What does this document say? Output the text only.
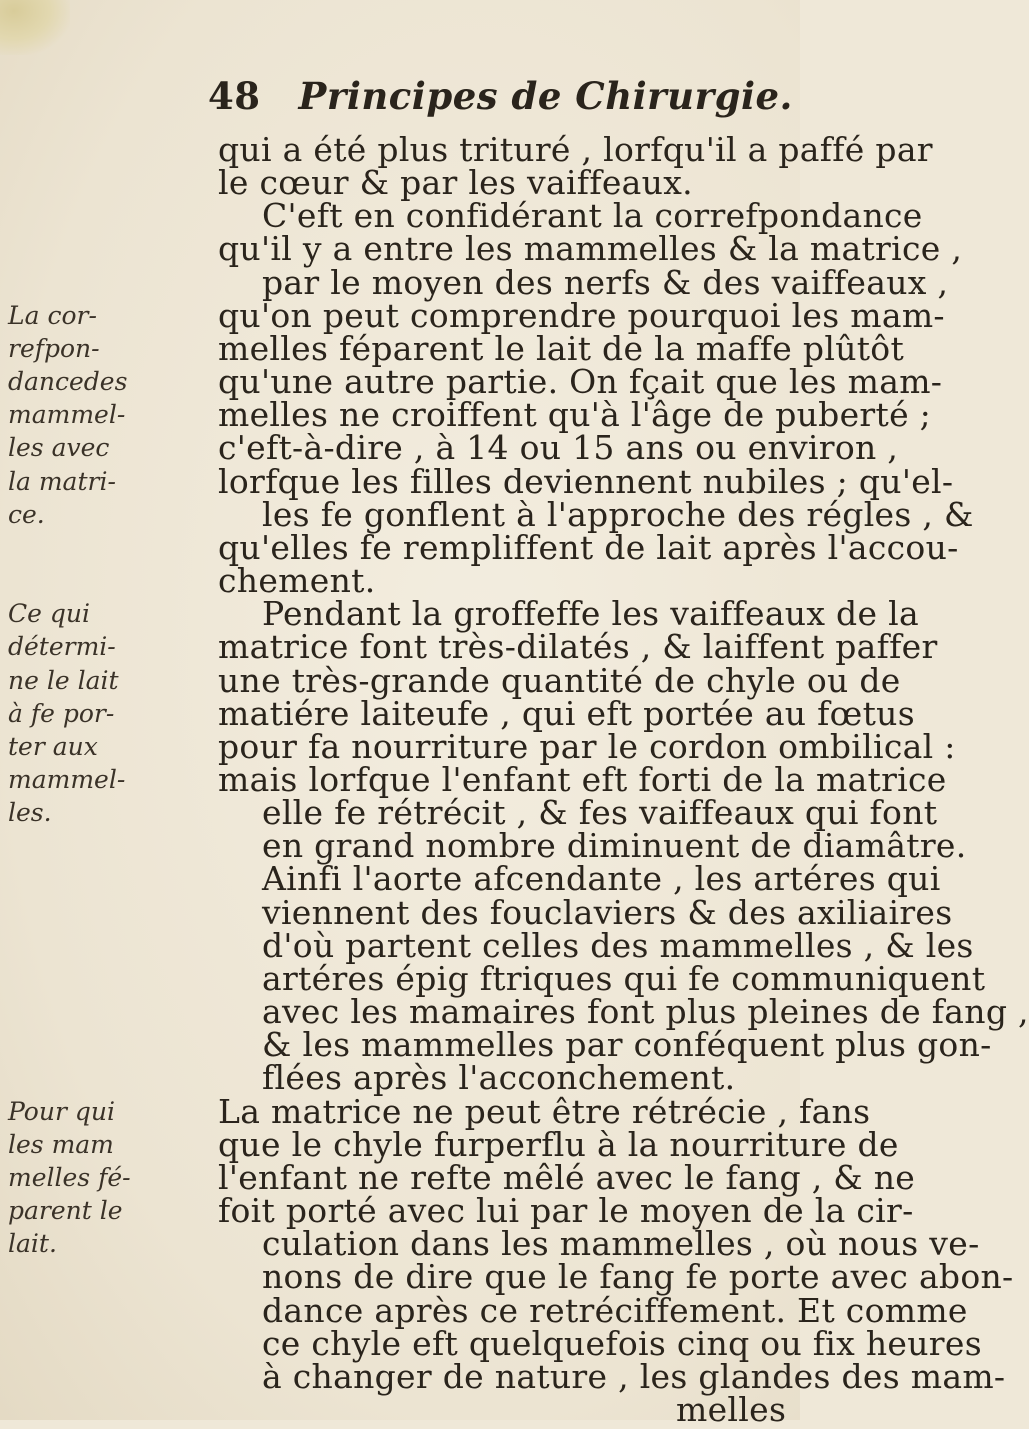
48 Principes de Chirurgie.
qui a été plus trituré , lorfqu'il a paffé par
le cœur & par les vaiffeaux.
C'eft en confidérant la correfpondance
qu'il y a entre les mammelles & la matrice ,
par le moyen des nerfs & des vaiffeaux ,
qu'on peut comprendre pourquoi les mam-
melles féparent le lait de la maffe plûtôt
qu'une autre partie. On fçait que les mam-
melles ne croiffent qu'à l'âge de puberté ;
c'eft-à-dire , à 14 ou 15 ans ou environ ,
lorfque les filles deviennent nubiles ; qu'el-
les fe gonflent à l'approche des régles , &
qu'elles fe rempliffent de lait après l'accou-
chement.
Pendant la groffeffe les vaiffeaux de la
matrice font très-dilatés , & laiffent paffer
une très-grande quantité de chyle ou de
matiére laiteufe , qui eft portée au fœtus
pour fa nourriture par le cordon ombilical :
mais lorfque l'enfant eft forti de la matrice
elle fe rétrécit , & fes vaiffeaux qui font
en grand nombre diminuent de diamâtre.
Ainfi l'aorte afcendante , les artéres qui
viennent des fouclaviers & des axiliaires
d'où partent celles des mammelles , & les
artéres épig ftriques qui fe communiquent
avec les mamaires font plus pleines de fang ,
& les mammelles par conféquent plus gon-
flées après l'acconchement.
La matrice ne peut être rétrécie , fans
que le chyle furperflu à la nourriture de
l'enfant ne refte mêlé avec le fang , & ne
foit porté avec lui par le moyen de la cir-
culation dans les mammelles , où nous ve-
nons de dire que le fang fe porte avec abon-
dance après ce retréciffement. Et comme
ce chyle eft quelquefois cinq ou fix heures
à changer de nature , les glandes des mam-
melles
La cor-
refpon-
dancedes
mammel-
les avec
la matri-
ce.
Ce qui
détermi-
ne le lait
à fe por-
ter aux
mammel-
les.
Pour qui
les mam
melles fé-
parent le
lait.
